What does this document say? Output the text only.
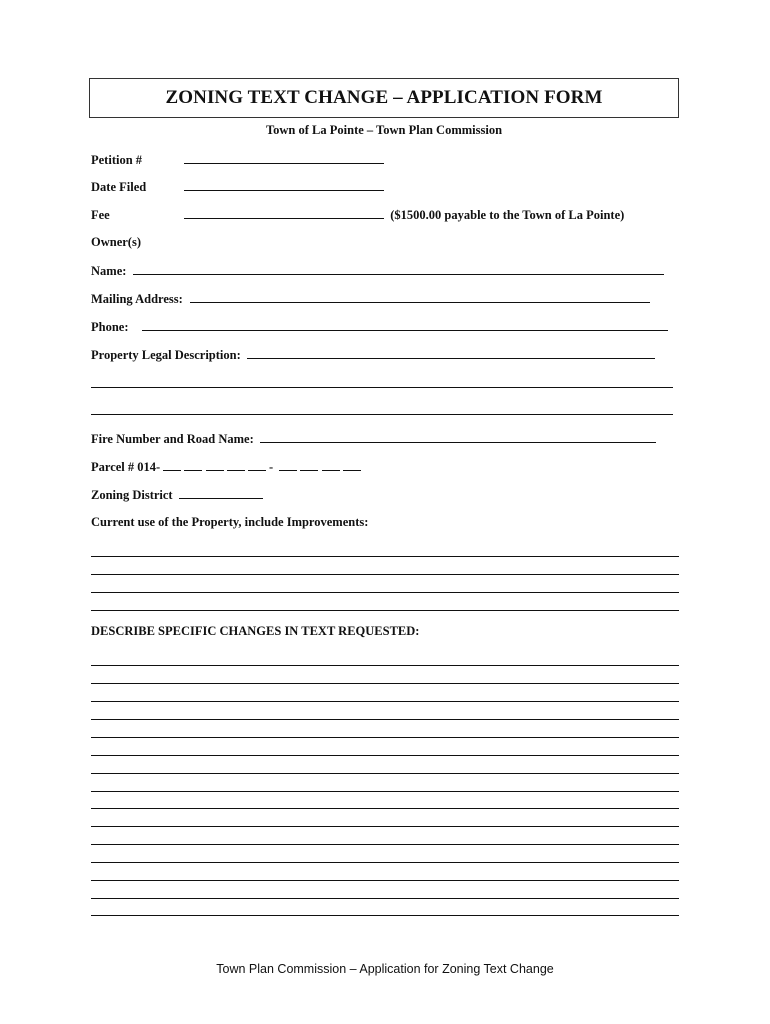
ZONING TEXT CHANGE – APPLICATION FORM
Town of La Pointe – Town Plan Commission
Petition #
Date Filed
Fee	($1500.00 payable to the Town of La Pointe)
Owner(s)
Name:
Mailing Address:
Phone:
Property Legal Description:
Fire Number and Road Name:
Parcel # 014-	-
Zoning District
Current use of the Property, include Improvements:
DESCRIBE SPECIFIC CHANGES IN TEXT REQUESTED:
Town Plan Commission – Application for Zoning Text Change
